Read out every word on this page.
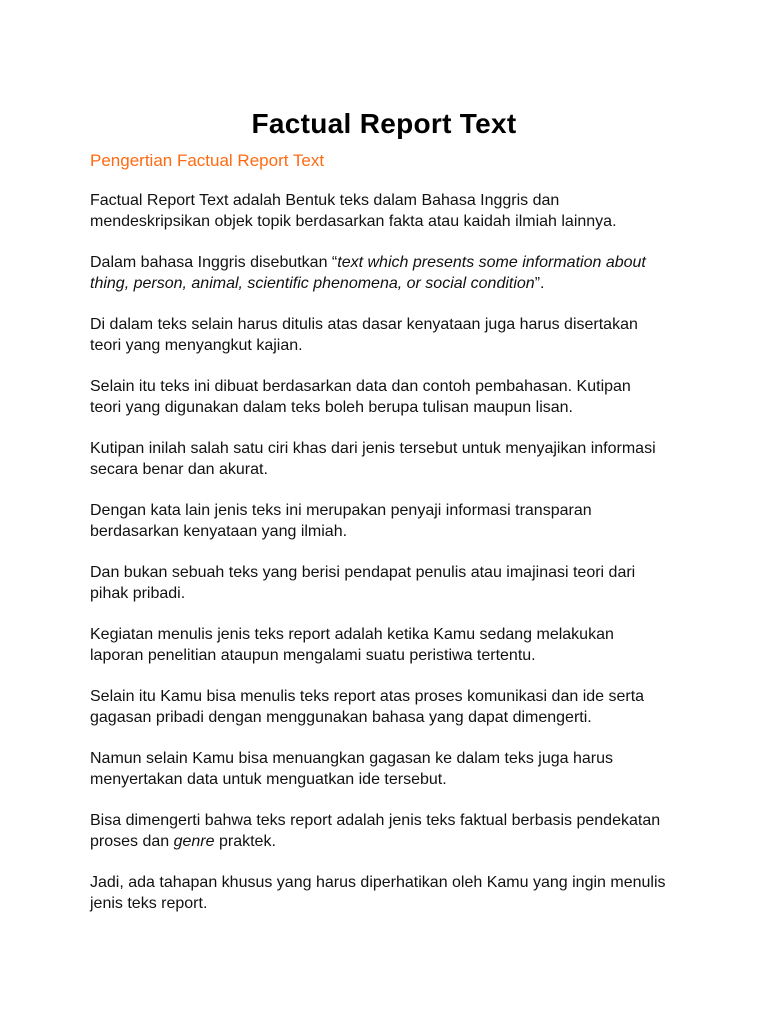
Factual Report Text
Pengertian Factual Report Text

Factual Report Text adalah Bentuk teks dalam Bahasa Inggris dan
mendeskripsikan objek topik berdasarkan fakta atau kaidah ilmiah lainnya.

Dalam bahasa Inggris disebutkan “text which presents some information about
thing, person, animal, scientific phenomena, or social condition”.

Di dalam teks selain harus ditulis atas dasar kenyataan juga harus disertakan
teori yang menyangkut kajian.

Selain itu teks ini dibuat berdasarkan data dan contoh pembahasan. Kutipan
teori yang digunakan dalam teks boleh berupa tulisan maupun lisan.

Kutipan inilah salah satu ciri khas dari jenis tersebut untuk menyajikan informasi
secara benar dan akurat.

Dengan kata lain jenis teks ini merupakan penyaji informasi transparan
berdasarkan kenyataan yang ilmiah.

Dan bukan sebuah teks yang berisi pendapat penulis atau imajinasi teori dari
pihak pribadi.

Kegiatan menulis jenis teks report adalah ketika Kamu sedang melakukan
laporan penelitian ataupun mengalami suatu peristiwa tertentu.

Selain itu Kamu bisa menulis teks report atas proses komunikasi dan ide serta
gagasan pribadi dengan menggunakan bahasa yang dapat dimengerti.

Namun selain Kamu bisa menuangkan gagasan ke dalam teks juga harus
menyertakan data untuk menguatkan ide tersebut.

Bisa dimengerti bahwa teks report adalah jenis teks faktual berbasis pendekatan
proses dan genre praktek.

Jadi, ada tahapan khusus yang harus diperhatikan oleh Kamu yang ingin menulis
jenis teks report.
